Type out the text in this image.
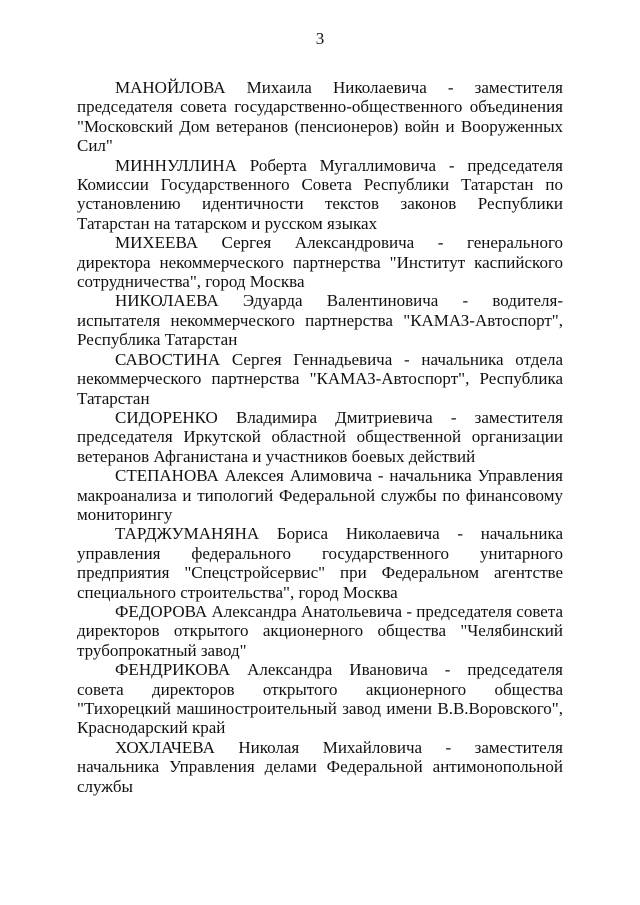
3

МАНОЙЛОВА Михаила Николаевича - заместителя председателя совета государственно-общественного объединения "Московский Дом ветеранов (пенсионеров) войн и Вооруженных Сил"

МИННУЛЛИНА Роберта Мугаллимовича - председателя Комиссии Государственного Совета Республики Татарстан по установлению идентичности текстов законов Республики Татарстан на татарском и русском языках

МИХЕЕВА Сергея Александровича - генерального директора некоммерческого партнерства "Институт каспийского сотрудничества", город Москва

НИКОЛАЕВА Эдуарда Валентиновича - водителя-испытателя некоммерческого партнерства "КАМАЗ-Автоспорт", Республика Татарстан

САВОСТИНА Сергея Геннадьевича - начальника отдела некоммерческого партнерства "КАМАЗ-Автоспорт", Республика Татарстан

СИДОРЕНКО Владимира Дмитриевича - заместителя председателя Иркутской областной общественной организации ветеранов Афганистана и участников боевых действий

СТЕПАНОВА Алексея Алимовича - начальника Управления макроанализа и типологий Федеральной службы по финансовому мониторингу

ТАРДЖУМАНЯНА Бориса Николаевича - начальника управления федерального государственного унитарного предприятия "Спецстройсервис" при Федеральном агентстве специального строительства", город Москва

ФЕДОРОВА Александра Анатольевича - председателя совета директоров открытого акционерного общества "Челябинский трубопрокатный завод"

ФЕНДРИКОВА Александра Ивановича - председателя совета директоров открытого акционерного общества "Тихорецкий машиностроительный завод имени В.В.Воровского", Краснодарский край

ХОХЛАЧЕВА Николая Михайловича - заместителя начальника Управления делами Федеральной антимонопольной службы
